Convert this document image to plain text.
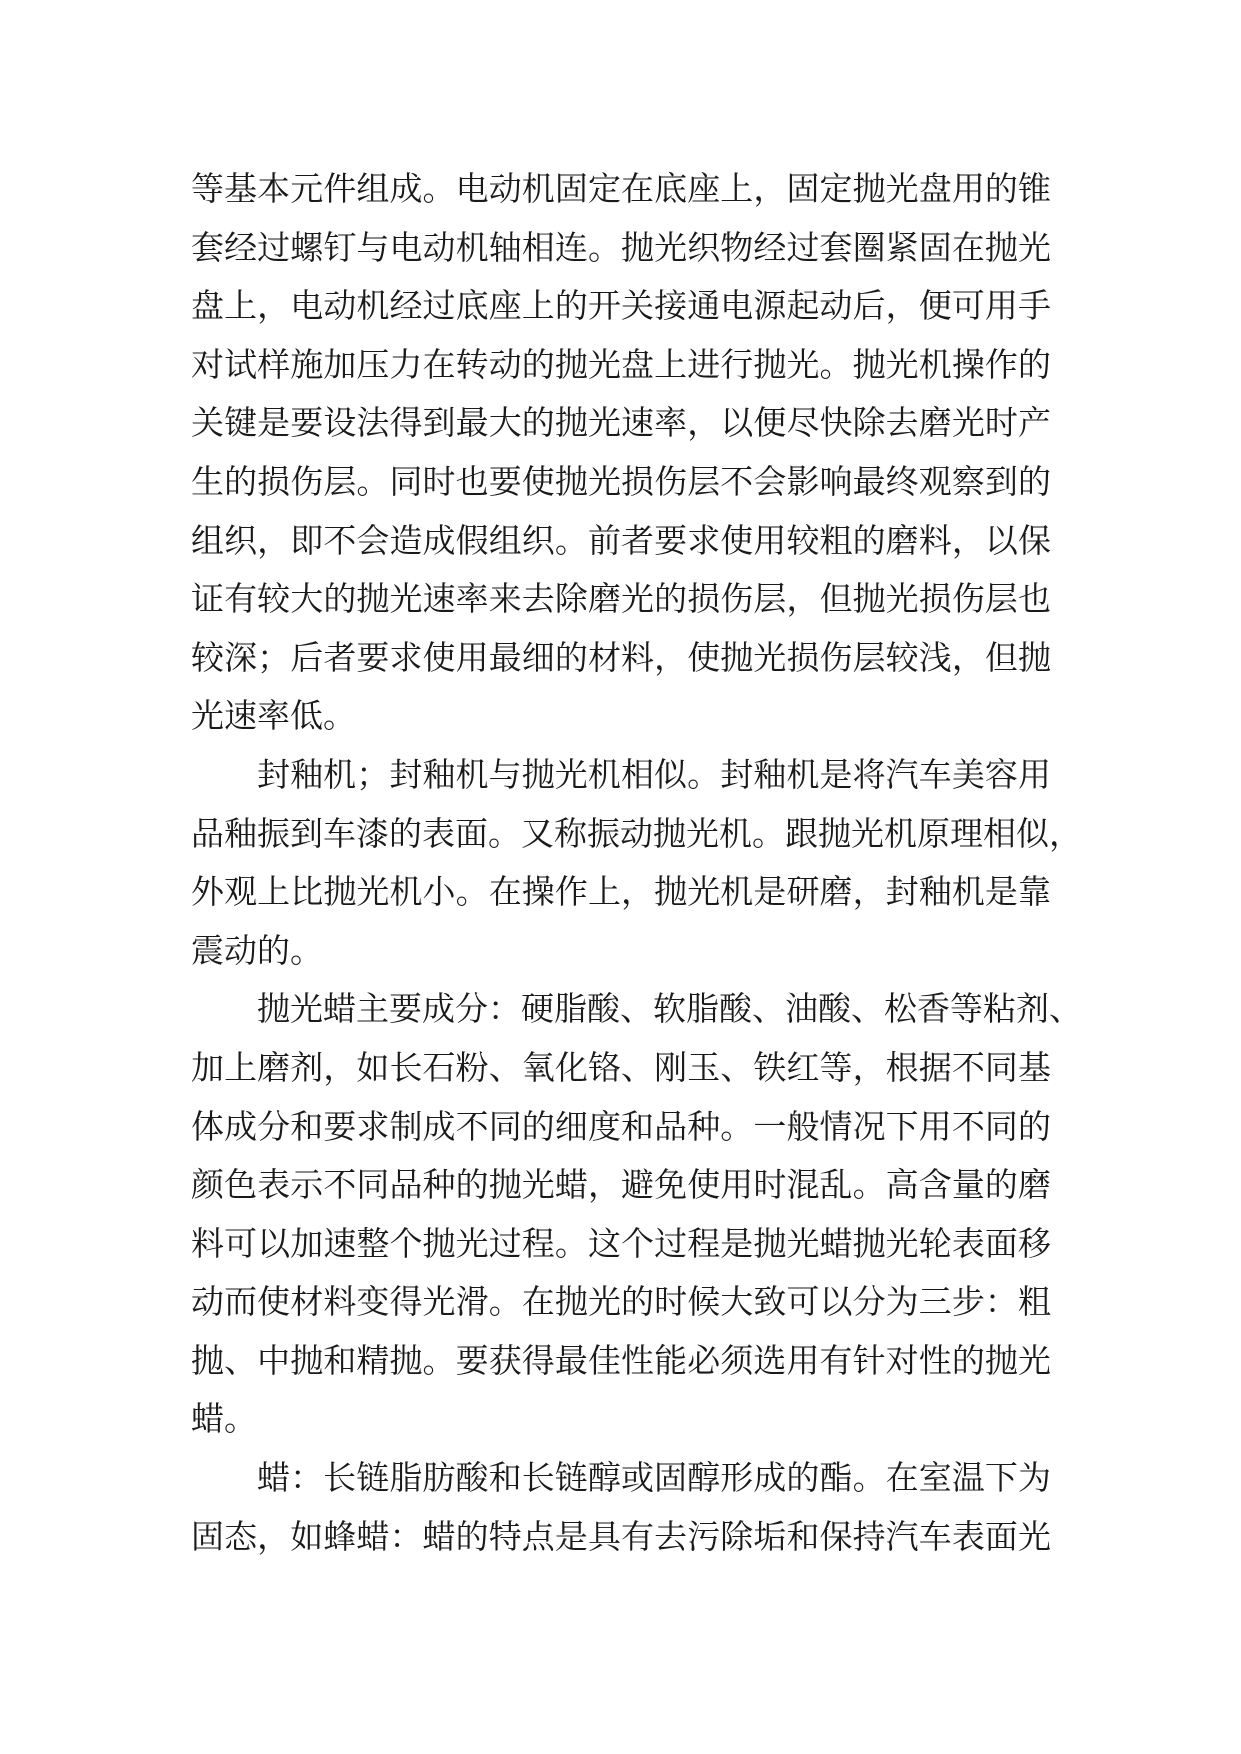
等基本元件组成。电动机固定在底座上，固定抛光盘用的锥
套经过螺钉与电动机轴相连。抛光织物经过套圈紧固在抛光
盘上，电动机经过底座上的开关接通电源起动后，便可用手
对试样施加压力在转动的抛光盘上进行抛光。抛光机操作的
关键是要设法得到最大的抛光速率，以便尽快除去磨光时产
生的损伤层。同时也要使抛光损伤层不会影响最终观察到的
组织，即不会造成假组织。前者要求使用较粗的磨料，以保
证有较大的抛光速率来去除磨光的损伤层，但抛光损伤层也
较深；后者要求使用最细的材料，使抛光损伤层较浅，但抛
光速率低。
封釉机；封釉机与抛光机相似。封釉机是将汽车美容用
品釉振到车漆的表面。又称振动抛光机。跟抛光机原理相似，
外观上比抛光机小。在操作上，抛光机是研磨，封釉机是靠
震动的。
抛光蜡主要成分：硬脂酸、软脂酸、油酸、松香等粘剂、
加上磨剂，如长石粉、氧化铬、刚玉、铁红等，根据不同基
体成分和要求制成不同的细度和品种。一般情况下用不同的
颜色表示不同品种的抛光蜡，避免使用时混乱。高含量的磨
料可以加速整个抛光过程。这个过程是抛光蜡抛光轮表面移
动而使材料变得光滑。在抛光的时候大致可以分为三步：粗
抛、中抛和精抛。要获得最佳性能必须选用有针对性的抛光
蜡。
蜡：长链脂肪酸和长链醇或固醇形成的酯。在室温下为
固态，如蜂蜡：蜡的特点是具有去污除垢和保持汽车表面光
